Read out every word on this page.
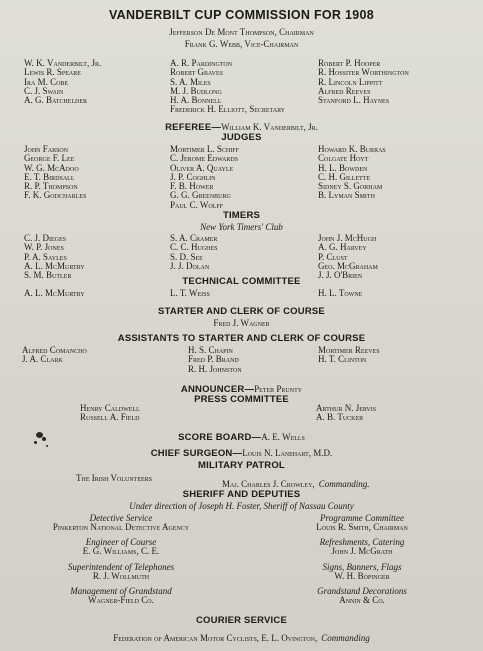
VANDERBILT CUP COMMISSION FOR 1908
Jefferson De Mont Thompson, Chairman
Frank G. Webb, Vice-Chairman
W. K. Vanderbilt, Jr.
Lewis R. Speare
Ira M. Cobe
C. J. Swain
A. G. Batchelder
A. R. Pardington
Robert Graves
S. A. Miles
M. J. Budlong
H. A. Bonnell
Robert P. Hooper
R. Hossiter Worthington
R. Lincoln Lippitt
Alfred Reeves
Stanford L. Haynes
Frederick H. Elliott, Secretary
REFEREE—William K. Vanderbilt, Jr.
JUDGES
John Farson
George F. Lee
W. G. McAdoo
E. T. Birdsall
R. P. Thompson
F. K. Godcharles
Mortimer L. Schiff
C. Jerome Edwards
Oliver A. Quayle
J. P. Coghlin
F. B. Hower
G. G. Greenburg
Paul C. Wolff
Howard K. Burras
Colgate Hoyt
H. L. Bowden
C. H. Gillette
Sidney S. Gorham
B. Lyman Smith
TIMERS
New York Timers' Club
C. J. Dieges
W. P. Jones
P. A. Sayles
A. L. McMurtry
S. M. Butler
S. A. Cramer
C. C. Hughes
S. D. See
J. J. Dolan
John J. McHugh
A. G. Harvey
P. Clust
Geo. McGraham
J. J. O'Brien
TECHNICAL COMMITTEE
A. L. McMurtry	L. T. Weiss	H. L. Towne
STARTER AND CLERK OF COURSE
Fred J. Wagner
ASSISTANTS TO STARTER AND CLERK OF COURSE
Alfred Comancho
J. A. Clark
H. S. Chapin
Fred P. Brand
R. H. Johnston
Mortimer Reeves
H. T. Clinton
ANNOUNCER—Peter Prunty
PRESS COMMITTEE
Henry Caldwell
Russell A. Field
Arthur N. Jervis
A. B. Tucker
SCORE BOARD—A. E. Wells
CHIEF SURGEON—Louis N. Lanehart, M.D.
MILITARY PATROL
The Irish Volunteers
Maj. Charles J. Crowley, Commanding.
SHERIFF AND DEPUTIES
Under direction of Joseph H. Foster, Sheriff of Nassau County
Detective Service
Pinkerton National Detective Agency
Engineer of Course
E. G. Williams, C. E.
Superintendent of Telephones
R. J. Wollmuth
Management of Grandstand
Wagner-Field Co.
Programme Committee
Louis R. Smith, Chairman
Refreshments, Catering
John J. McGrath
Signs, Banners, Flags
W. H. Bopinger
Grandstand Decorations
Annin & Co.
COURIER SERVICE
Federation of American Motor Cyclists, E. L. Ovington, Commanding
